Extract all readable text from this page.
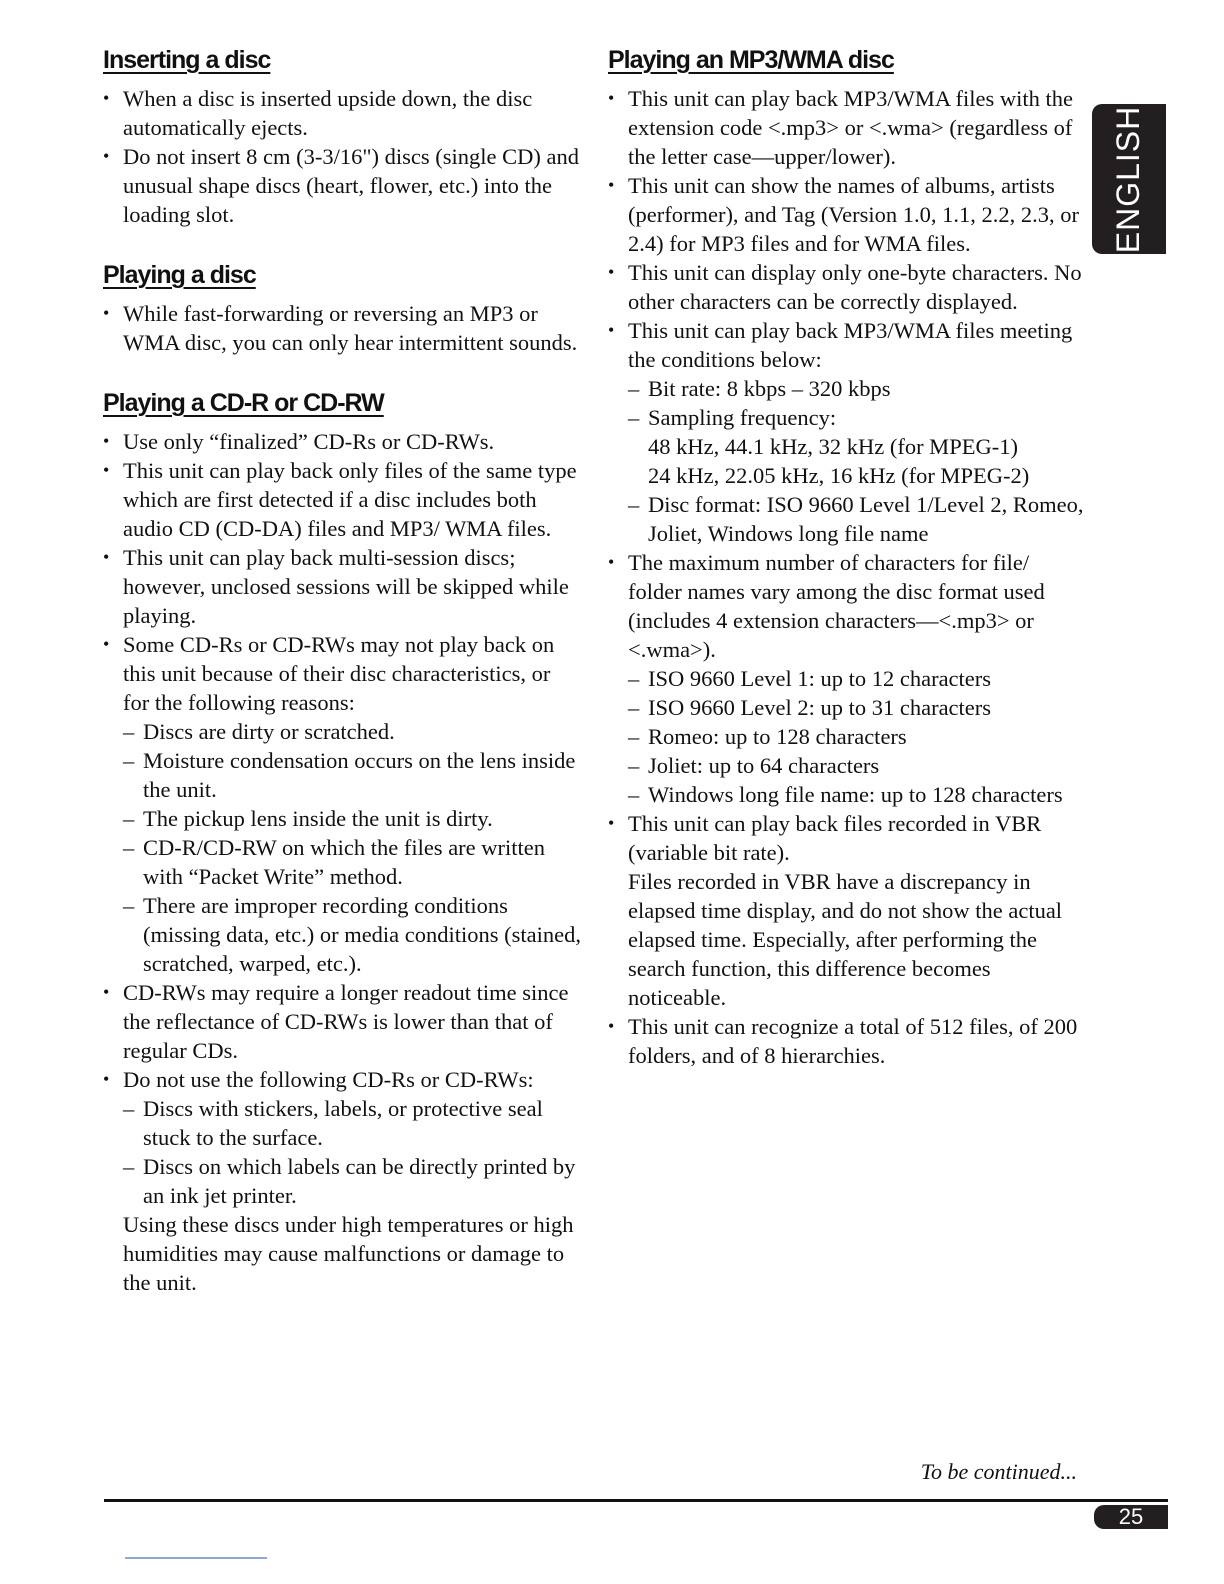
Inserting a disc
• When a disc is inserted upside down, the disc automatically ejects.
• Do not insert 8 cm (3-3/16") discs (single CD) and unusual shape discs (heart, flower, etc.) into the loading slot.
Playing a disc
• While fast-forwarding or reversing an MP3 or WMA disc, you can only hear intermittent sounds.
Playing a CD-R or CD-RW
• Use only “finalized” CD-Rs or CD-RWs.
• This unit can play back only files of the same type which are first detected if a disc includes both audio CD (CD-DA) files and MP3/ WMA files.
• This unit can play back multi-session discs; however, unclosed sessions will be skipped while playing.
• Some CD-Rs or CD-RWs may not play back on this unit because of their disc characteristics, or for the following reasons:
– Discs are dirty or scratched.
– Moisture condensation occurs on the lens inside the unit.
– The pickup lens inside the unit is dirty.
– CD-R/CD-RW on which the files are written with “Packet Write” method.
– There are improper recording conditions (missing data, etc.) or media conditions (stained, scratched, warped, etc.).
• CD-RWs may require a longer readout time since the reflectance of CD-RWs is lower than that of regular CDs.
• Do not use the following CD-Rs or CD-RWs:
– Discs with stickers, labels, or protective seal stuck to the surface.
– Discs on which labels can be directly printed by an ink jet printer.
Using these discs under high temperatures or high humidities may cause malfunctions or damage to the unit.
Playing an MP3/WMA disc
• This unit can play back MP3/WMA files with the extension code <.mp3> or <.wma> (regardless of the letter case—upper/lower).
• This unit can show the names of albums, artists (performer), and Tag (Version 1.0, 1.1, 2.2, 2.3, or 2.4) for MP3 files and for WMA files.
• This unit can display only one-byte characters. No other characters can be correctly displayed.
• This unit can play back MP3/WMA files meeting the conditions below:
– Bit rate: 8 kbps – 320 kbps
– Sampling frequency:
48 kHz, 44.1 kHz, 32 kHz (for MPEG-1)
24 kHz, 22.05 kHz, 16 kHz (for MPEG-2)
– Disc format: ISO 9660 Level 1/Level 2, Romeo, Joliet, Windows long file name
• The maximum number of characters for file/ folder names vary among the disc format used (includes 4 extension characters—<.mp3> or <.wma>).
– ISO 9660 Level 1: up to 12 characters
– ISO 9660 Level 2: up to 31 characters
– Romeo: up to 128 characters
– Joliet: up to 64 characters
– Windows long file name: up to 128 characters
• This unit can play back files recorded in VBR (variable bit rate).
Files recorded in VBR have a discrepancy in elapsed time display, and do not show the actual elapsed time. Especially, after performing the search function, this difference becomes noticeable.
• This unit can recognize a total of 512 files, of 200 folders, and of 8 hierarchies.
ENGLISH
To be continued...
25
